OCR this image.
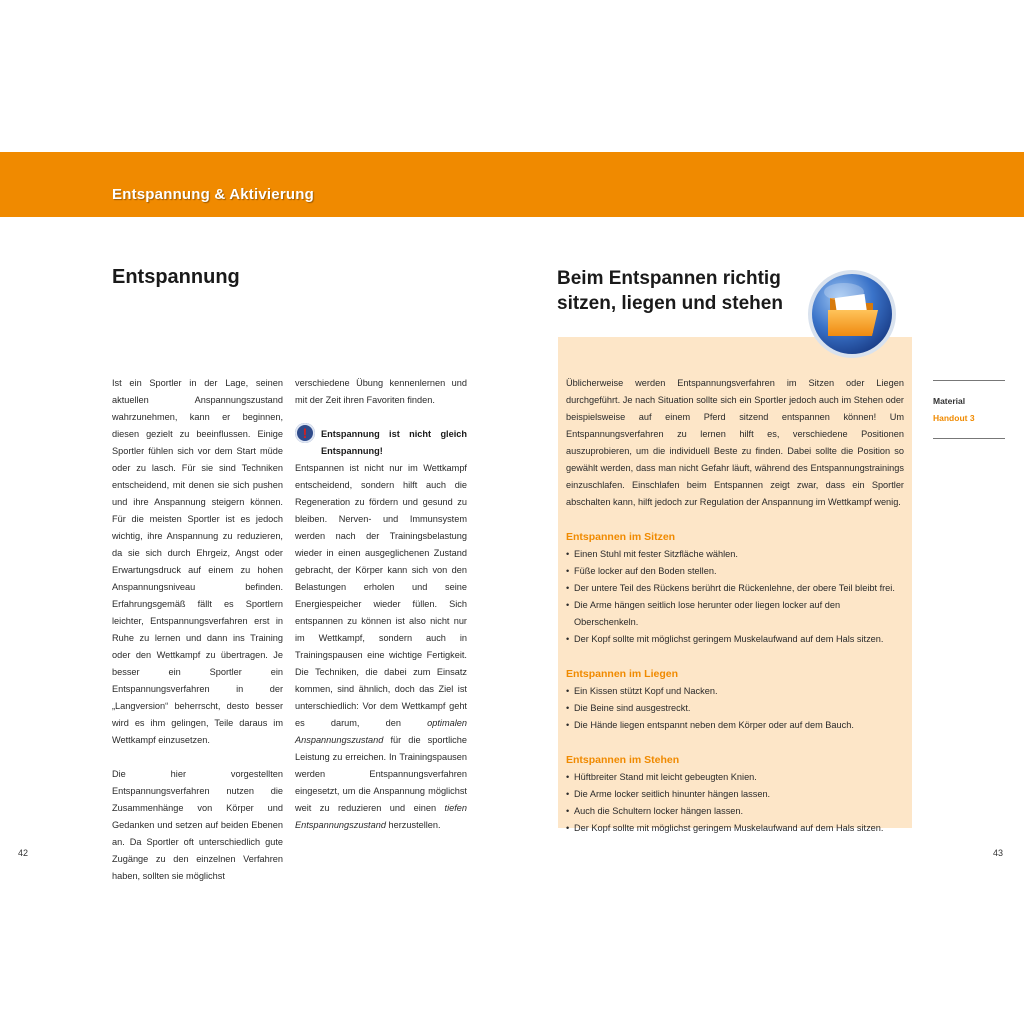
Entspannung & Aktivierung
Entspannung

Ist ein Sportler in der Lage, seinen aktuellen Anspannungszustand wahrzunehmen, kann er beginnen, diesen gezielt zu beeinflussen. Einige Sportler fühlen sich vor dem Start müde oder zu lasch. Für sie sind Techniken entscheidend, mit denen sie sich pushen und ihre Anspannung steigern können. Für die meisten Sportler ist es jedoch wichtig, ihre Anspannung zu reduzieren, da sie sich durch Ehrgeiz, Angst oder Erwartungsdruck auf einem zu hohen Anspannungsniveau befinden. Erfahrungsgemäß fällt es Sportlern leichter, Entspannungsverfahren erst in Ruhe zu lernen und dann ins Training oder den Wettkampf zu übertragen. Je besser ein Sportler ein Entspannungsverfahren in der „Langversion“ beherrscht, desto besser wird es ihm gelingen, Teile daraus im Wettkampf einzusetzen.

Die hier vorgestellten Entspannungsverfahren nutzen die Zusammenhänge von Körper und Gedanken und setzen auf beiden Ebenen an. Da Sportler oft unterschiedlich gute Zugänge zu den einzelnen Verfahren haben, sollten sie möglichst

verschiedene Übung kennenlernen und mit der Zeit ihren Favoriten finden.

! Entspannung ist nicht gleich Entspannung!

Entspannen ist nicht nur im Wettkampf entscheidend, sondern hilft auch die Regeneration zu fördern und gesund zu bleiben. Nerven- und Immunsystem werden nach der Trainingsbelastung wieder in einen ausgeglichenen Zustand gebracht, der Körper kann sich von den Belastungen erholen und seine Energiespeicher wieder füllen. Sich entspannen zu können ist also nicht nur im Wettkampf, sondern auch in Trainingspausen eine wichtige Fertigkeit. Die Techniken, die dabei zum Einsatz kommen, sind ähnlich, doch das Ziel ist unterschiedlich: Vor dem Wettkampf geht es darum, den optimalen Anspannungszustand für die sportliche Leistung zu erreichen. In Trainingspausen werden Entspannungsverfahren eingesetzt, um die Anspannung möglichst weit zu reduzieren und einen tiefen Entspannungszustand herzustellen.

Beim Entspannen richtig
sitzen, liegen und stehen

Üblicherweise werden Entspannungsverfahren im Sitzen oder Liegen durchgeführt. Je nach Situation sollte sich ein Sportler jedoch auch im Stehen oder beispielsweise auf einem Pferd sitzend entspannen können! Um Entspannungsverfahren zu lernen hilft es, verschiedene Positionen auszuprobieren, um die individuell Beste zu finden. Dabei sollte die Position so gewählt werden, dass man nicht Gefahr läuft, während des Entspannungstrainings einzuschlafen. Einschlafen beim Entspannen zeigt zwar, dass ein Sportler abschalten kann, hilft jedoch zur Regulation der Anspannung im Wettkampf wenig.

Entspannen im Sitzen
• Einen Stuhl mit fester Sitzfläche wählen.
• Füße locker auf den Boden stellen.
• Der untere Teil des Rückens berührt die Rückenlehne, der obere Teil bleibt frei.
• Die Arme hängen seitlich lose herunter oder liegen locker auf den Oberschenkeln.
• Der Kopf sollte mit möglichst geringem Muskelaufwand auf dem Hals sitzen.
Entspannen im Liegen
• Ein Kissen stützt Kopf und Nacken.
• Die Beine sind ausgestreckt.
• Die Hände liegen entspannt neben dem Körper oder auf dem Bauch.
Entspannen im Stehen
• Hüftbreiter Stand mit leicht gebeugten Knien.
• Die Arme locker seitlich hinunter hängen lassen.
• Auch die Schultern locker hängen lassen.
• Der Kopf sollte mit möglichst geringem Muskelaufwand auf dem Hals sitzen.
Material
Handout 3
42	43
